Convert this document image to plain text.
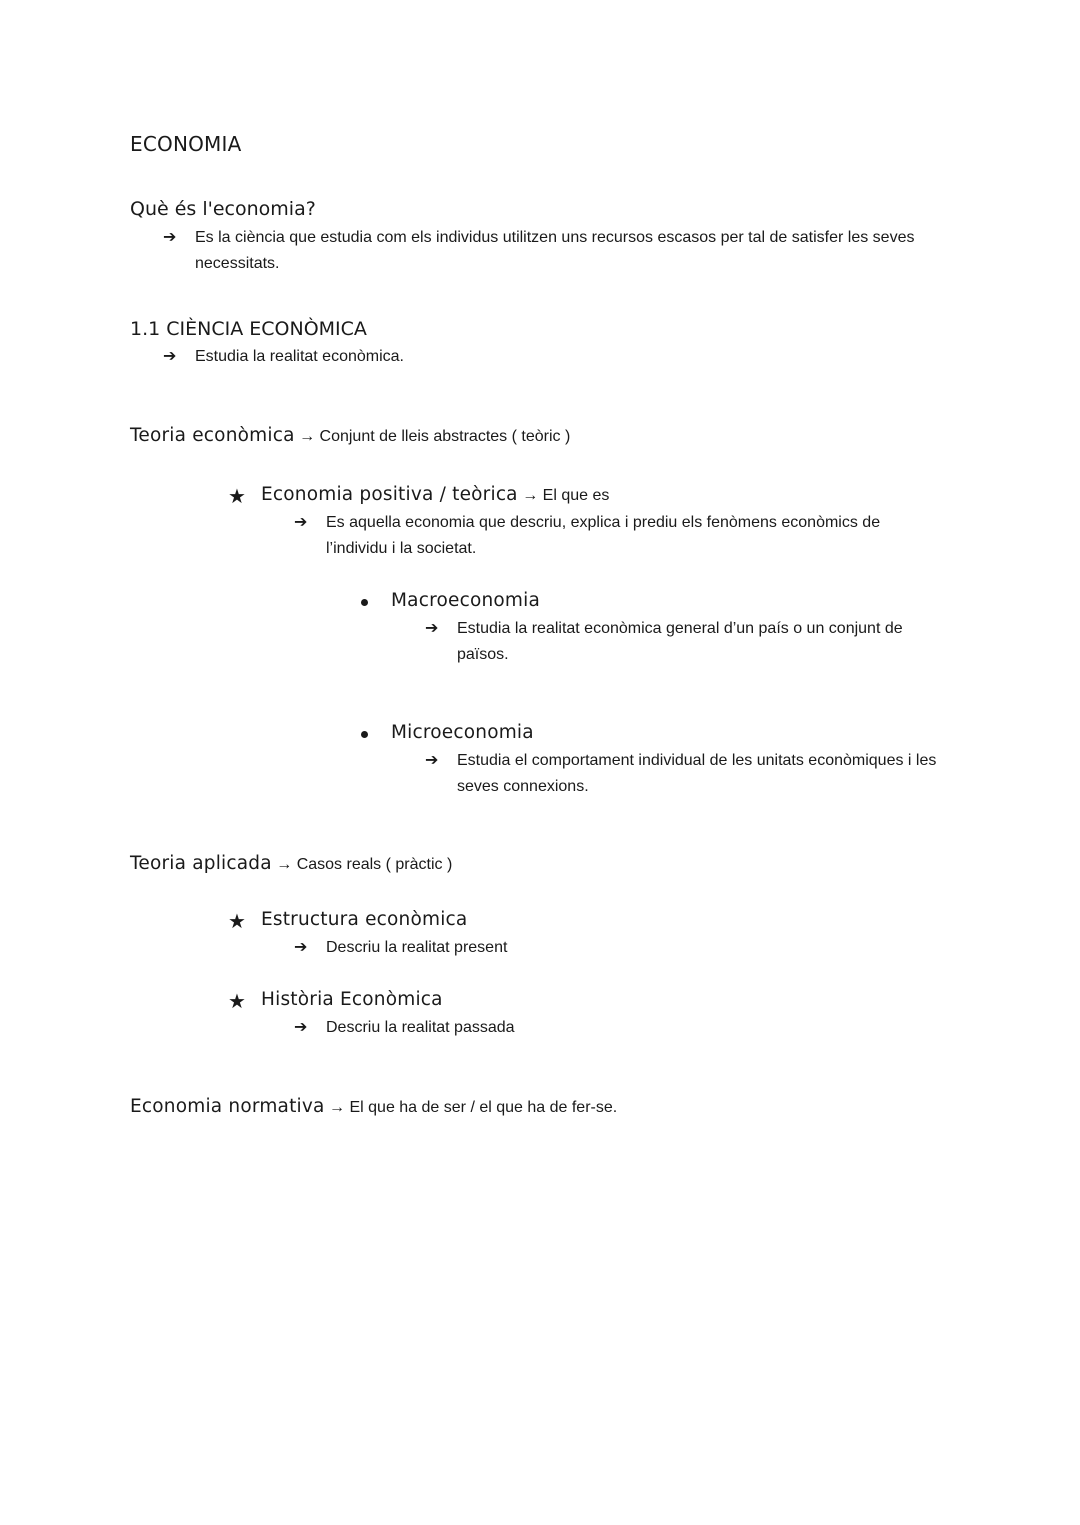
ECONOMIA
Què és l'economia?
➔ Es la ciència que estudia com els individus utilitzen uns recursos escasos per tal de satisfer les seves necessitats.
1.1 CIÈNCIA ECONÒMICA
➔ Estudia la realitat econòmica.
Teoria econòmica → Conjunt de lleis abstractes ( teòric )
★ Economia positiva / teòrica → El que es
➔ Es aquella economia que descriu, explica i prediu els fenòmens econòmics de l’individu i la societat.
Macroeconomia
➔ Estudia la realitat econòmica general d’un país o un conjunt de països.
Microeconomia
➔ Estudia el comportament individual de les unitats econòmiques i les seves connexions.
Teoria aplicada → Casos reals ( pràctic )
★ Estructura econòmica
➔ Descriu la realitat present
★ Història Econòmica
➔ Descriu la realitat passada
Economia normativa → El que ha de ser / el que ha de fer-se.
